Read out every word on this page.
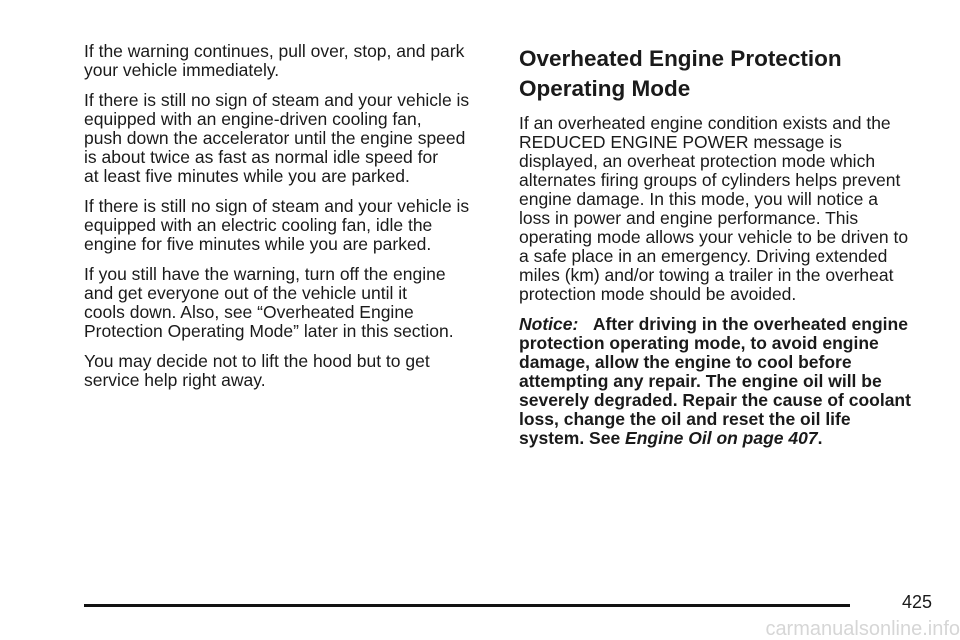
If the warning continues, pull over, stop, and park
your vehicle immediately.
If there is still no sign of steam and your vehicle is
equipped with an engine-driven cooling fan,
push down the accelerator until the engine speed
is about twice as fast as normal idle speed for
at least five minutes while you are parked.
If there is still no sign of steam and your vehicle is
equipped with an electric cooling fan, idle the
engine for five minutes while you are parked.
If you still have the warning, turn off the engine
and get everyone out of the vehicle until it
cools down. Also, see “Overheated Engine
Protection Operating Mode” later in this section.
You may decide not to lift the hood but to get
service help right away.
Overheated Engine Protection
Operating Mode
If an overheated engine condition exists and the
REDUCED ENGINE POWER message is
displayed, an overheat protection mode which
alternates firing groups of cylinders helps prevent
engine damage. In this mode, you will notice a
loss in power and engine performance. This
operating mode allows your vehicle to be driven to
a safe place in an emergency. Driving extended
miles (km) and/or towing a trailer in the overheat
protection mode should be avoided.
Notice: After driving in the overheated engine
protection operating mode, to avoid engine
damage, allow the engine to cool before
attempting any repair. The engine oil will be
severely degraded. Repair the cause of coolant
loss, change the oil and reset the oil life
system. See Engine Oil on page 407.
425
carmanualsonline.info
